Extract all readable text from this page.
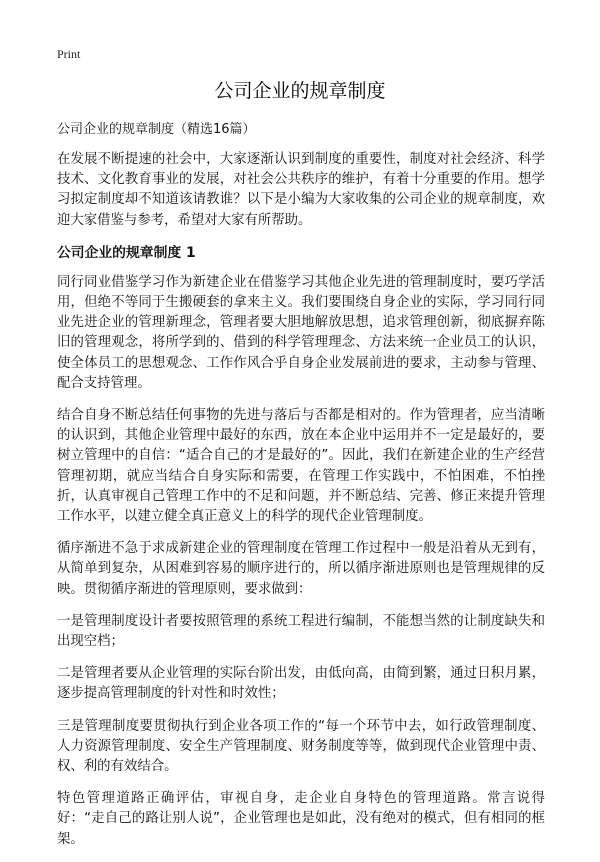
Print
公司企业的规章制度

公司企业的规章制度（精选16篇）

在发展不断提速的社会中，大家逐渐认识到制度的重要性，制度对社会经济、科学技术、文化教育事业的发展，对社会公共秩序的维护，有着十分重要的作用。想学习拟定制度却不知道该请教谁？以下是小编为大家收集的公司企业的规章制度，欢迎大家借鉴与参考，希望对大家有所帮助。

公司企业的规章制度 1

同行同业借鉴学习作为新建企业在借鉴学习其他企业先进的管理制度时，要巧学活用，但绝不等同于生搬硬套的拿来主义。我们要围绕自身企业的实际，学习同行同业先进企业的管理新理念，管理者要大胆地解放思想，追求管理创新，彻底摒弃陈旧的管理观念，将所学到的、借到的科学管理理念、方法来统一企业员工的认识，使全体员工的思想观念、工作作风合乎自身企业发展前进的要求，主动参与管理、配合支持管理。

结合自身不断总结任何事物的先进与落后与否都是相对的。作为管理者，应当清晰的认识到，其他企业管理中最好的东西，放在本企业中运用并不一定是最好的，要树立管理中的自信：“适合自己的才是最好的”。因此，我们在新建企业的生产经营管理初期，就应当结合自身实际和需要，在管理工作实践中，不怕困难，不怕挫折，认真审视自己管理工作中的不足和问题，并不断总结、完善、修正来提升管理工作水平，以建立健全真正意义上的科学的现代企业管理制度。

循序渐进不急于求成新建企业的管理制度在管理工作过程中一般是沿着从无到有，从简单到复杂，从困难到容易的顺序进行的，所以循序渐进原则也是管理规律的反映。贯彻循序渐进的管理原则，要求做到：

一是管理制度设计者要按照管理的系统工程进行编制，不能想当然的让制度缺失和出现空档；

二是管理者要从企业管理的实际台阶出发，由低向高，由简到繁，通过日积月累，逐步提高管理制度的针对性和时效性；

三是管理制度要贯彻执行到企业各项工作的“每一个环节中去，如行政管理制度、人力资源管理制度、安全生产管理制度、财务制度等等，做到现代企业管理中责、权、利的有效结合。

特色管理道路正确评估，审视自身，走企业自身特色的管理道路。常言说得好：“走自己的路让别人说”，企业管理也是如此，没有绝对的模式，但有相同的框架。
